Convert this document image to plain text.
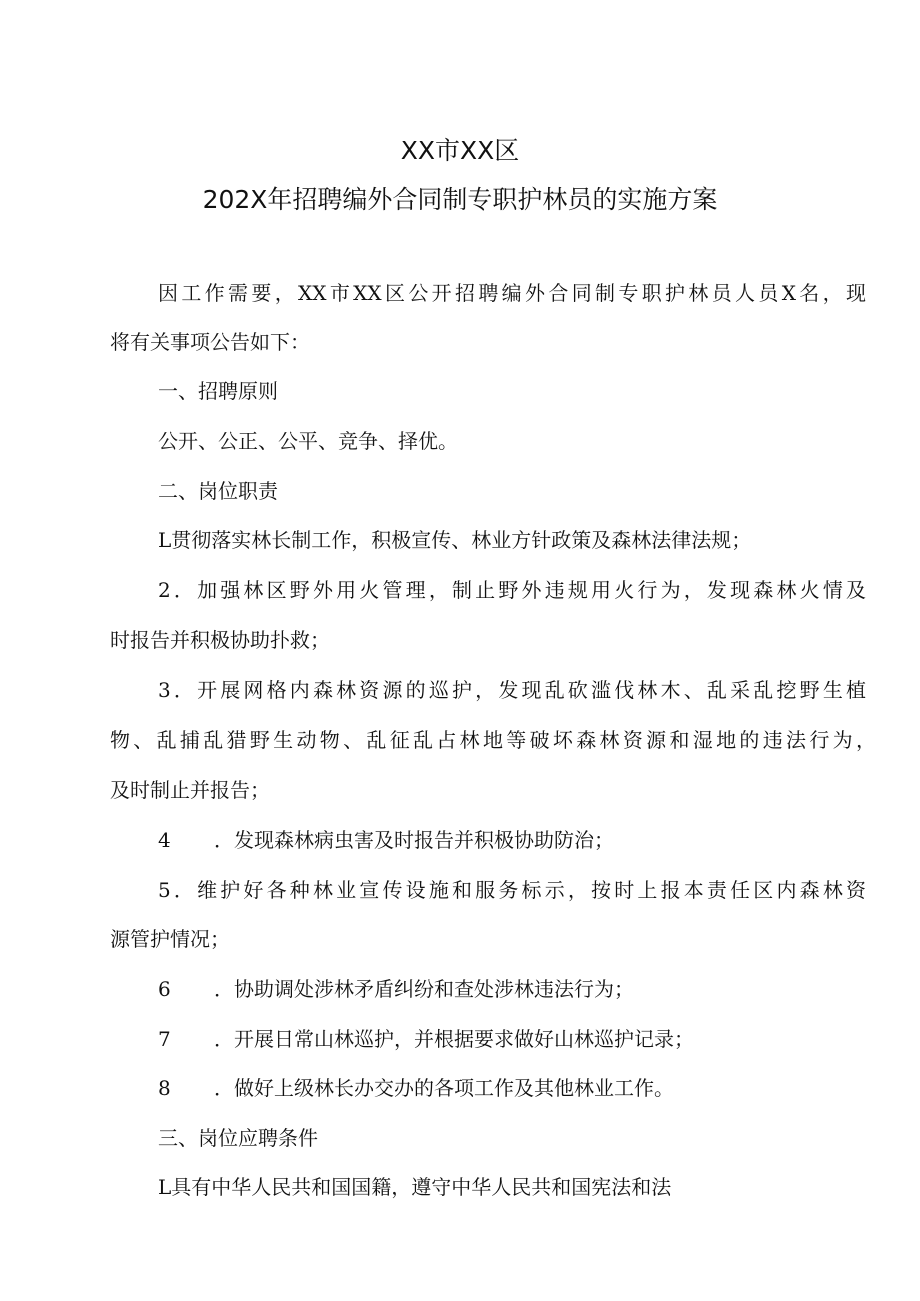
XX市XX区
202X年招聘编外合同制专职护林员的实施方案
因工作需要，XX市XX区公开招聘编外合同制专职护林员人员X名，现
将有关事项公告如下：
一、招聘原则
公开、公正、公平、竞争、择优。
二、岗位职责
L贯彻落实林长制工作，积极宣传、林业方针政策及森林法律法规；
2．加强林区野外用火管理，制止野外违规用火行为，发现森林火情及
时报告并积极协助扑救；
3．开展网格内森林资源的巡护，发现乱砍滥伐林木、乱采乱挖野生植
物、乱捕乱猎野生动物、乱征乱占林地等破坏森林资源和湿地的违法行为，
及时制止并报告；
4 ．发现森林病虫害及时报告并积极协助防治；
5．维护好各种林业宣传设施和服务标示，按时上报本责任区内森林资
源管护情况；
6 ．协助调处涉林矛盾纠纷和查处涉林违法行为；
7 ．开展日常山林巡护，并根据要求做好山林巡护记录；
8 ．做好上级林长办交办的各项工作及其他林业工作。
三、岗位应聘条件
L具有中华人民共和国国籍，遵守中华人民共和国宪法和法
